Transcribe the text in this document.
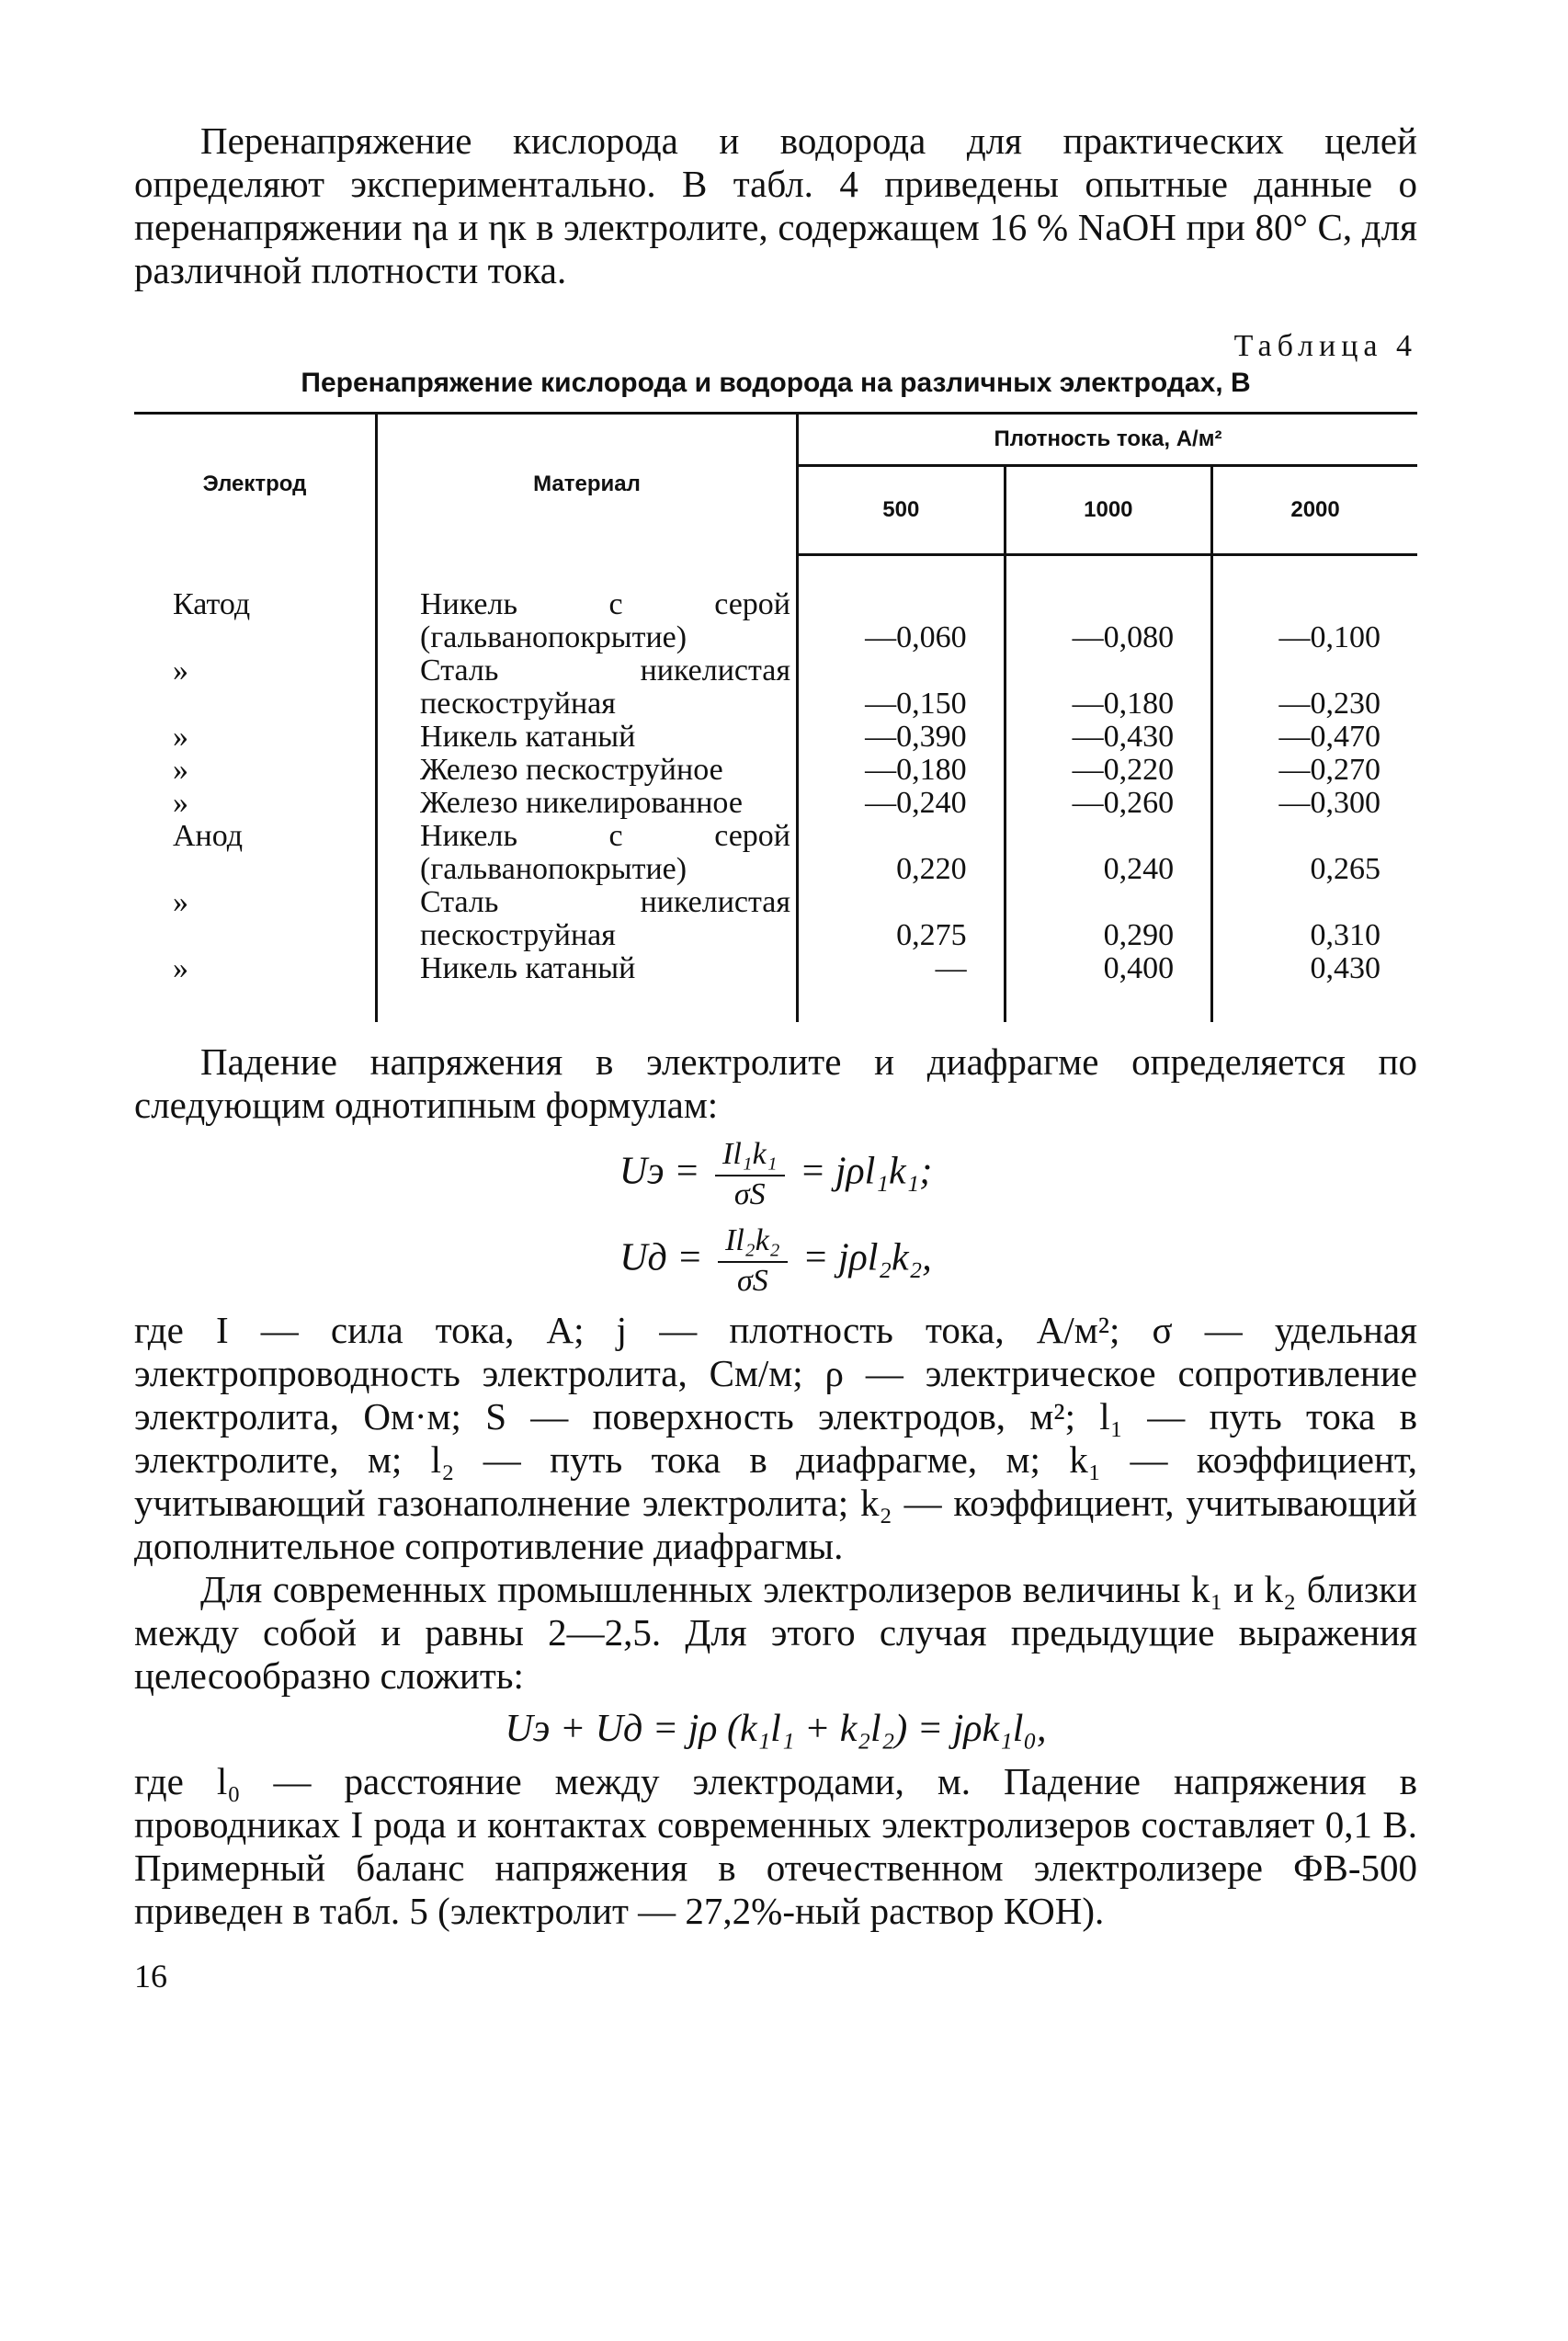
Перенапряжение кислорода и водорода для практических целей определяют экспериментально. В табл. 4 приведены опытные данные о перенапряжении ηа и ηк в электролите, содержащем 16 % NaOH при 80° С, для различной плотности тока.

Таблица 4
Перенапряжение кислорода и водорода на различных электродах, В
Электрод	Материал	Плотность тока, А/м²		
		500	1000	2000
Катод	Никель с серой (гальванопокрытие)	—0,060	—0,080	—0,100
»	Сталь никелистая пескоструйная	—0,150	—0,180	—0,230
»	Никель катаный	—0,390	—0,430	—0,470
»	Железо пескоструйное	—0,180	—0,220	—0,270
»	Железо никелированное	—0,240	—0,260	—0,300
Анод	Никель с серой (гальванопокрытие)	0,220	0,240	0,265
»	Сталь никелистая пескоструйная	0,275	0,290	0,310
»	Никель катаный	—	0,400	0,430

Падение напряжения в электролите и диафрагме определяется по следующим однотипным формулам:

Uэ = $\frac{\text{Il₁k₁}}{\sigma S} = j\rho l_1k_1$;
Uд = $\frac{\text{Il₂k₂}}{\sigma S} = j\rho l_2k_2$,

где I — сила тока, А; j — плотность тока, А/м²; σ — удельная электропроводность электролита, См/м; ρ — электрическое сопротивление электролита, Ом·м; S — поверхность электродов, м²; l₁ — путь тока в электролите, м; l₂ — путь тока в диафрагме, м; k₁ — коэффициент, учитывающий газонаполнение электролита; k₂ — коэффициент, учитывающий дополнительное сопротивление диафрагмы.

Для современных промышленных электролизеров величины k₁ и k₂ близки между собой и равны 2—2,5. Для этого случая предыдущие выражения целесообразно сложить:

Uэ + Uд = jρ (k₁l₁ + k₂l₂) = jρk₁l₀,

где l₀ — расстояние между электродами, м. Падение напряжения в проводниках I рода и контактах современных электролизеров составляет 0,1 В. Примерный баланс напряжения в отечественном электролизере ФВ-500 приведен в табл. 5 (электролит — 27,2%-ный раствор КОН).

16
